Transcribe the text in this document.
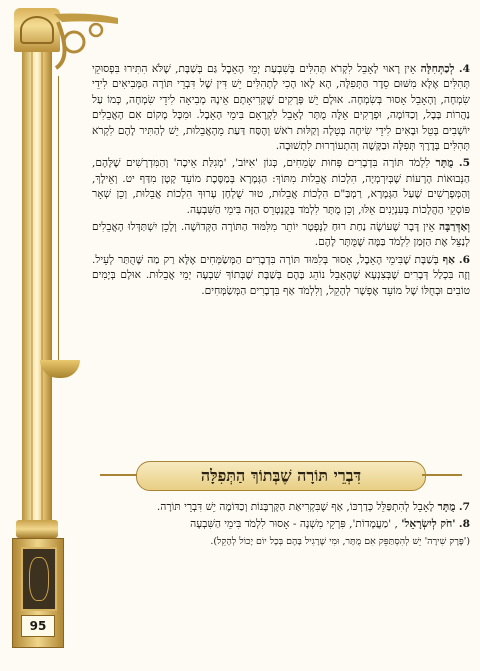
95

4. לְכַתְּחִלָּה אֵין רָאוּי לָאָבֵל לִקְרֹא תְּהִלִּים בְּשִׁבְעַת יְמֵי הָאֵבֶל גַּם בְּשַׁבָּת, שֶׁלֹּא הִתִּירוּ בִּפְסוּקֵי תְּהִלִּים אֶלָּא מִשּׁוּם סֵדֶר הַתְּפִלָּה, הָא לָאו הָכִי לְתְהִלִּים יֵשׁ דִּין שֶׁל דִּבְרֵי תּוֹרָה הַמְּבִיאִים לִידֵי שִׂמְחָה, וְהָאָבֵל אָסוּר בְּשִׂמְחָה. אוּלָם יֵשׁ פְּרָקִים שֶׁקְּרִיאָתָם אֵינָהּ מְבִיאָה לִידֵי שִׂמְחָה, כְּמוֹ עַל נַהֲרוֹת בָּבֶל, וְכַדּוֹמֶה, וּפְרָקִים אֵלֶּה מֻתָּר לָאָבֵל לִקְרָאָם בִּימֵי הָאֵבֶל. וּמִכָּל מָקוֹם אִם הָאֲבֵלִים יוֹשְׁבִים בְּטֵל וּבָאִים לִידֵי שִׂיחָה בְּטֵלָה וְקַלּוּת רֹאשׁ וְהֶסַּח דַּעַת מֵהָאֲבֵלוּת, יֵשׁ לְהַתִּיר לָהֶם לִקְרֹא תְּהִלִּים בְּדֶרֶךְ תְּפִלָּה וּבַקָּשָׁה וְהִתְעוֹרְרוּת לִתְשׁוּבָה.

5. מֻתָּר לִלְמֹד תּוֹרָה בִּדְבָרִים פְּחוּת שְׂמֵחִים, כְּגוֹן 'אִיּוֹב', 'מְגִלַּת אֵיכָה' וְהַמִּדְרָשִׁים שֶׁלָּהֶם, הַנְּבוּאוֹת הָרָעוֹת שֶׁבְּיִרְמְיָה, הִלְכוֹת אֲבֵלוּת מִתּוֹךְ: הַגְּמָרָא בְּמַסֶּכֶת מוֹעֵד קָטָן מִדַּף יט. וְאֵילָךְ, וְהַמְּפָרְשִׁים שֶׁעַל הַגְּמָרָא, רַמְבַּ"ם הִלְכוֹת אֲבֵלוּת, טוּר שֻׁלְחָן עָרוּךְ הִלְכוֹת אֲבֵלוּת, וְכֵן שְׁאָר פּוֹסְקֵי הַהֲלָכוֹת בְּעִנְיָנִים אֵלּוּ, וְכֵן מֻתָּר לִלְמֹד בְּקֻנְטְרֵס הַזֶּה בִּימֵי הַשִּׁבְעָה.

וְאַדְּרַבָּה אֵין דָּבָר שֶׁעוֹשֶׂה נַחַת רוּחַ לַנְּפְטָר יוֹתֵר מִלִּמּוּד הַתּוֹרָה הַקְּדוֹשָׁה. וְלָכֵן יִשְׁתַּדְּלוּ הָאֲבֵלִים לְנַצֵּל אֶת הַזְּמַן לִלְמֹד בַּמֶּה שֶׁמֻּתָּר לָהֶם.

6. אַף בְּשַׁבָּת שֶׁבִּימֵי הָאֵבֶל, אָסוּר בְּלִמּוּד תּוֹרָה בִּדְבָרִים הַמְּשַׂמְּחִים אֶלָּא רַק מַה שֶּׁהֻתַּר לְעֵיל. וְזֶה בִּכְלַל דְּבָרִים שֶׁבְּצִנְעָא שֶׁהָאָבֵל נוֹהֵג בָּהֶם בְּשַׁבָּת שֶׁבְּתוֹךְ שִׁבְעָה יְמֵי אֲבֵלוּת. אוּלָם בְּיָמִים טוֹבִים וּבְחֻלּוֹ שֶׁל מוֹעֵד אֶפְשָׁר לְהָקֵל, וְלִלְמֹד אַף בִּדְבָרִים הַמְּשַׂמְּחִים.

דִּבְרֵי תּוֹרָה שֶׁבְּתוֹךְ הַתְּפִלָּה

7. מֻתָּר לָאָבֵל לְהִתְפַּלֵּל כְּדַרְכּוֹ, אַף שֶׁבִּקְרִיאַת הַקָּרְבָּנוֹת וְכַדּוֹמֶה יֵשׁ דִּבְרֵי תּוֹרָה.

8. 'חֹק לְיִשְׂרָאֵל' , 'מַעֲמָדוֹת', פִּרְקֵי מִשְׁנָה - אָסוּר לִלְמֹד בִּימֵי הַשִּׁבְעָה

('פֶּרֶק שִׁירָה' יֵשׁ לְהִסְתַּפֵּק אִם מֻתָּר, וּמִי שֶׁרָגִיל בָּהֶם בְּכָל יוֹם יָכוֹל לְהָקֵל).
